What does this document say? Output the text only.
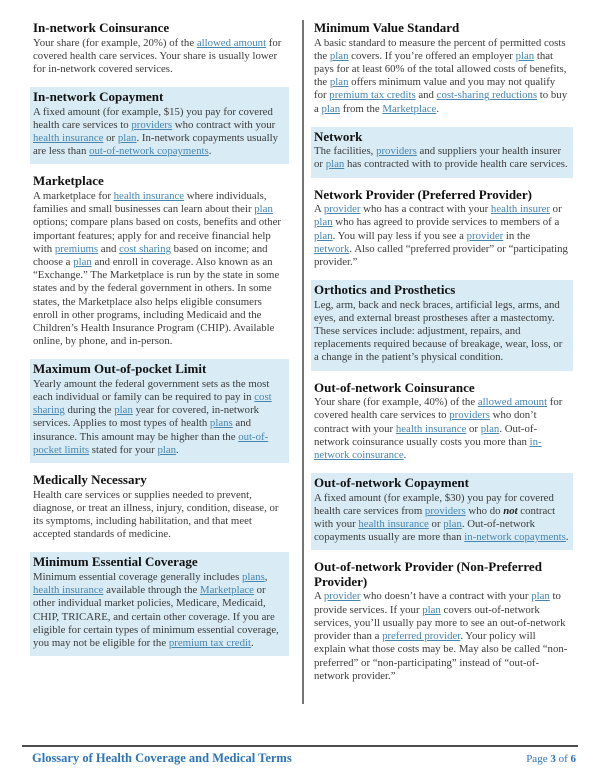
In-network Coinsurance

Your share (for example, 20%) of the allowed amount for covered health care services. Your share is usually lower for in-network covered services.

In-network Copayment

A fixed amount (for example, $15) you pay for covered health care services to providers who contract with your health insurance or plan. In-network copayments usually are less than out-of-network copayments.

Marketplace

A marketplace for health insurance where individuals, families and small businesses can learn about their plan options; compare plans based on costs, benefits and other important features; apply for and receive financial help with premiums and cost sharing based on income; and choose a plan and enroll in coverage. Also known as an “Exchange.” The Marketplace is run by the state in some states and by the federal government in others. In some states, the Marketplace also helps eligible consumers enroll in other programs, including Medicaid and the Children’s Health Insurance Program (CHIP). Available online, by phone, and in-person.

Maximum Out-of-pocket Limit

Yearly amount the federal government sets as the most each individual or family can be required to pay in cost sharing during the plan year for covered, in-network services. Applies to most types of health plans and insurance. This amount may be higher than the out-of-pocket limits stated for your plan.

Medically Necessary

Health care services or supplies needed to prevent, diagnose, or treat an illness, injury, condition, disease, or its symptoms, including habilitation, and that meet accepted standards of medicine.

Minimum Essential Coverage

Minimum essential coverage generally includes plans, health insurance available through the Marketplace or other individual market policies, Medicare, Medicaid, CHIP, TRICARE, and certain other coverage. If you are eligible for certain types of minimum essential coverage, you may not be eligible for the premium tax credit.

Minimum Value Standard

A basic standard to measure the percent of permitted costs the plan covers. If you’re offered an employer plan that pays for at least 60% of the total allowed costs of benefits, the plan offers minimum value and you may not qualify for premium tax credits and cost-sharing reductions to buy a plan from the Marketplace.

Network

The facilities, providers and suppliers your health insurer or plan has contracted with to provide health care services.

Network Provider (Preferred Provider)

A provider who has a contract with your health insurer or plan who has agreed to provide services to members of a plan. You will pay less if you see a provider in the network. Also called “preferred provider” or “participating provider.”

Orthotics and Prosthetics

Leg, arm, back and neck braces, artificial legs, arms, and eyes, and external breast prostheses after a mastectomy. These services include: adjustment, repairs, and replacements required because of breakage, wear, loss, or a change in the patient’s physical condition.

Out-of-network Coinsurance

Your share (for example, 40%) of the allowed amount for covered health care services to providers who don’t contract with your health insurance or plan. Out-of-network coinsurance usually costs you more than in-network coinsurance.

Out-of-network Copayment

A fixed amount (for example, $30) you pay for covered health care services from providers who do not contract with your health insurance or plan. Out-of-network copayments usually are more than in-network copayments.

Out-of-network Provider (Non-Preferred Provider)

A provider who doesn’t have a contract with your plan to provide services. If your plan covers out-of-network services, you’ll usually pay more to see an out-of-network provider than a preferred provider. Your policy will explain what those costs may be. May also be called “non-preferred” or “non-participating” instead of “out-of-network provider.”

Glossary of Health Coverage and Medical Terms	Page 3 of 6
